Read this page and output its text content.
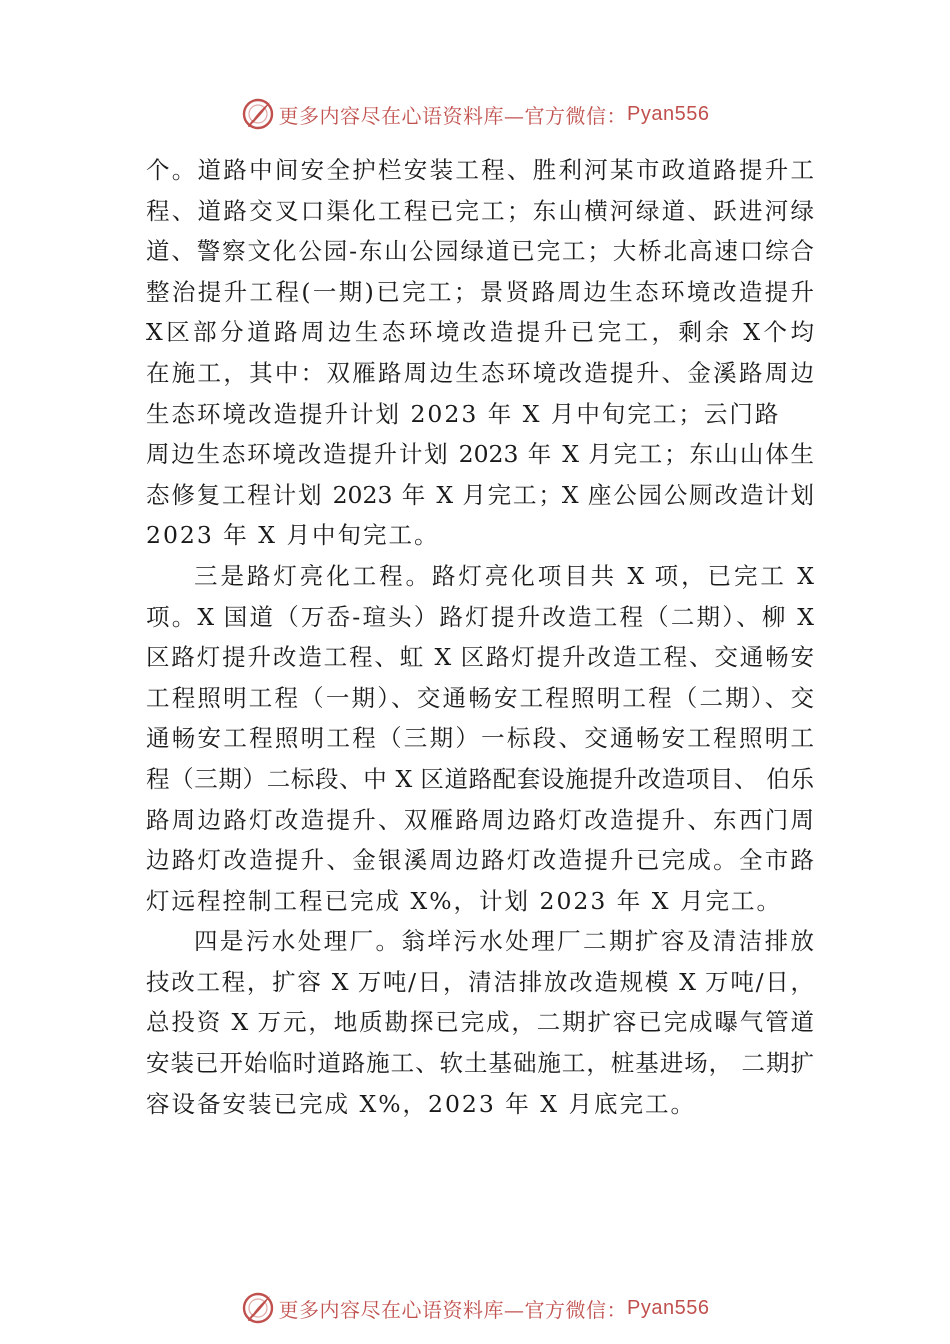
更多内容尽在心语资料库—官方微信： Pyan556
个。道路中间安全护栏安装工程、胜利河某市政道路提升工
程、道路交叉口渠化工程已完工；东山横河绿道、跃进河绿
道、警察文化公园-东山公园绿道已完工；大桥北高速口综合
整治提升工程(一期)已完工；景贤路周边生态环境改造提升
X区部分道路周边生态环境改造提升已完工，剩余 X个均
在施工，其中：双雁路周边生态环境改造提升、金溪路周边
生态环境改造提升计划 2023 年 X 月中旬完工；云门路
周边生态环境改造提升计划 2023 年 X 月完工；东山山体生
态修复工程计划 2023 年 X 月完工；X 座公园公厕改造计划
2023 年 X 月中旬完工。
三是路灯亮化工程。路灯亮化项目共 X 项，已完工 X
项。X 国道（万岙-瑄头）路灯提升改造工程（二期）、柳 X
区路灯提升改造工程、虹 X 区路灯提升改造工程、交通畅安
工程照明工程（一期）、交通畅安工程照明工程（二期）、交
通畅安工程照明工程（三期）一标段、交通畅安工程照明工
程（三期）二标段、中 X 区道路配套设施提升改造项目、 伯乐
路周边路灯改造提升、双雁路周边路灯改造提升、东西门周
边路灯改造提升、金银溪周边路灯改造提升已完成。全市路
灯远程控制工程已完成 X%，计划 2023 年 X 月完工。
四是污水处理厂。翁垟污水处理厂二期扩容及清洁排放
技改工程，扩容 X 万吨/日，清洁排放改造规模 X 万吨/日，
总投资 X 万元，地质勘探已完成，二期扩容已完成曝气管道
安装已开始临时道路施工、软土基础施工，桩基进场， 二期扩
容设备安装已完成 X%，2023 年 X 月底完工。
更多内容尽在心语资料库—官方微信： Pyan556
